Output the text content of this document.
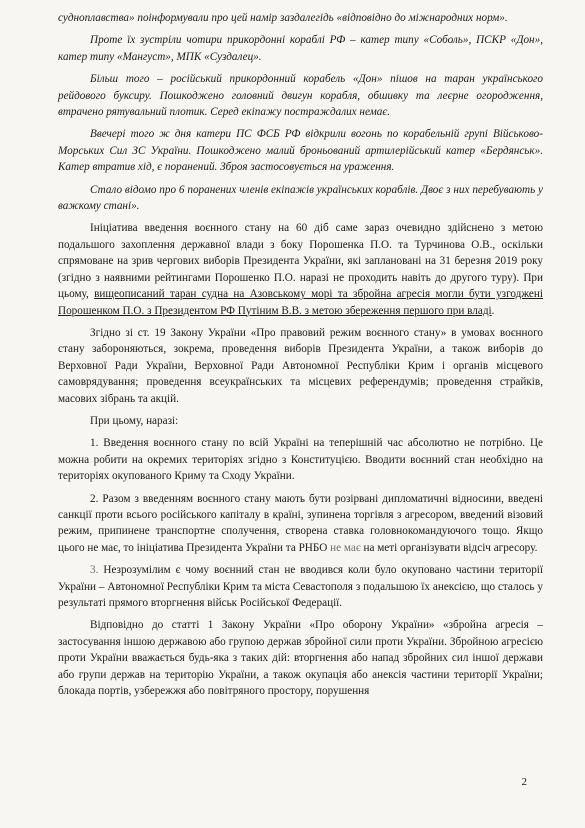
судноплавства» поінформували про цей намір заздалегідь «відповідно до міжнародних норм».

Проте їх зустріли чотири прикордонні кораблі РФ – катер типу «Соболь», ПСКР «Дон», катер типу «Мангуст», МПК «Суздалец».

Більш того – російський прикордонний корабель «Дон» пішов на таран українського рейдового буксиру. Пошкоджено головний двигун корабля, обшивку та леєрне огородження, втрачено рятувальний плотик. Серед екіпажу постраждалих немає.

Ввечері того ж дня катери ПС ФСБ РФ відкрили вогонь по корабельній групі Військово-Морських Сил ЗС України. Пошкоджено малий броньований артилерійський катер «Бердянськ». Катер втратив хід, є поранений. Зброя застосовується на ураження.

Стало відомо про 6 поранених членів екіпажів українських кораблів. Двоє з них перебувають у важкому стані».

Ініціатива введення воєнного стану на 60 діб саме зараз очевидно здійснено з метою подальшого захоплення державної влади з боку Порошенка П.О. та Турчинова О.В., оскільки спрямоване на зрив чергових виборів Президента України, які заплановані на 31 березня 2019 року (згідно з наявними рейтингами Порошенко П.О. наразі не проходить навіть до другого туру). При цьому, вищеописаний таран судна на Азовському морі та збройна агресія могли бути узгоджені Порошенком П.О. з Президентом РФ Путіним В.В. з метою збереження першого при владі.

Згідно зі ст. 19 Закону України «Про правовий режим воєнного стану» в умовах воєнного стану забороняються, зокрема, проведення виборів Президента України, а також виборів до Верховної Ради України, Верховної Ради Автономної Республіки Крим і органів місцевого самоврядування; проведення всеукраїнських та місцевих референдумів; проведення страйків, масових зібрань та акцій.

При цьому, наразі:

1. Введення воєнного стану по всій Україні на теперішній час абсолютно не потрібно. Це можна робити на окремих територіях згідно з Конституцією. Вводити воєнний стан необхідно на територіях окупованого Криму та Сходу України.

2. Разом з введенням воєнного стану мають бути розірвані дипломатичні відносини, введені санкції проти всього російського капіталу в країні, зупинена торгівля з агресором, введений візовий режим, припинене транспортне сполучення, створена ставка головнокомандуючого тощо. Якщо цього не має, то ініціатива Президента України та РНБО не має на меті організувати відсіч агресору.

3. Незрозумілим є чому воєнний стан не вводився коли було окуповано частини території України – Автономної Республіки Крим та міста Севастополя з подальшою їх анексією, що сталось у результаті прямого вторгнення військ Російської Федерації.

Відповідно до статті 1 Закону України «Про оборону України» «збройна агресія – застосування іншою державою або групою держав збройної сили проти України. Збройною агресією проти України вважається будь-яка з таких дій: вторгнення або напад збройних сил іншої держави або групи держав на територію України, а також окупація або анексія частини території України; блокада портів, узбережжя або повітряного простору, порушення

2
